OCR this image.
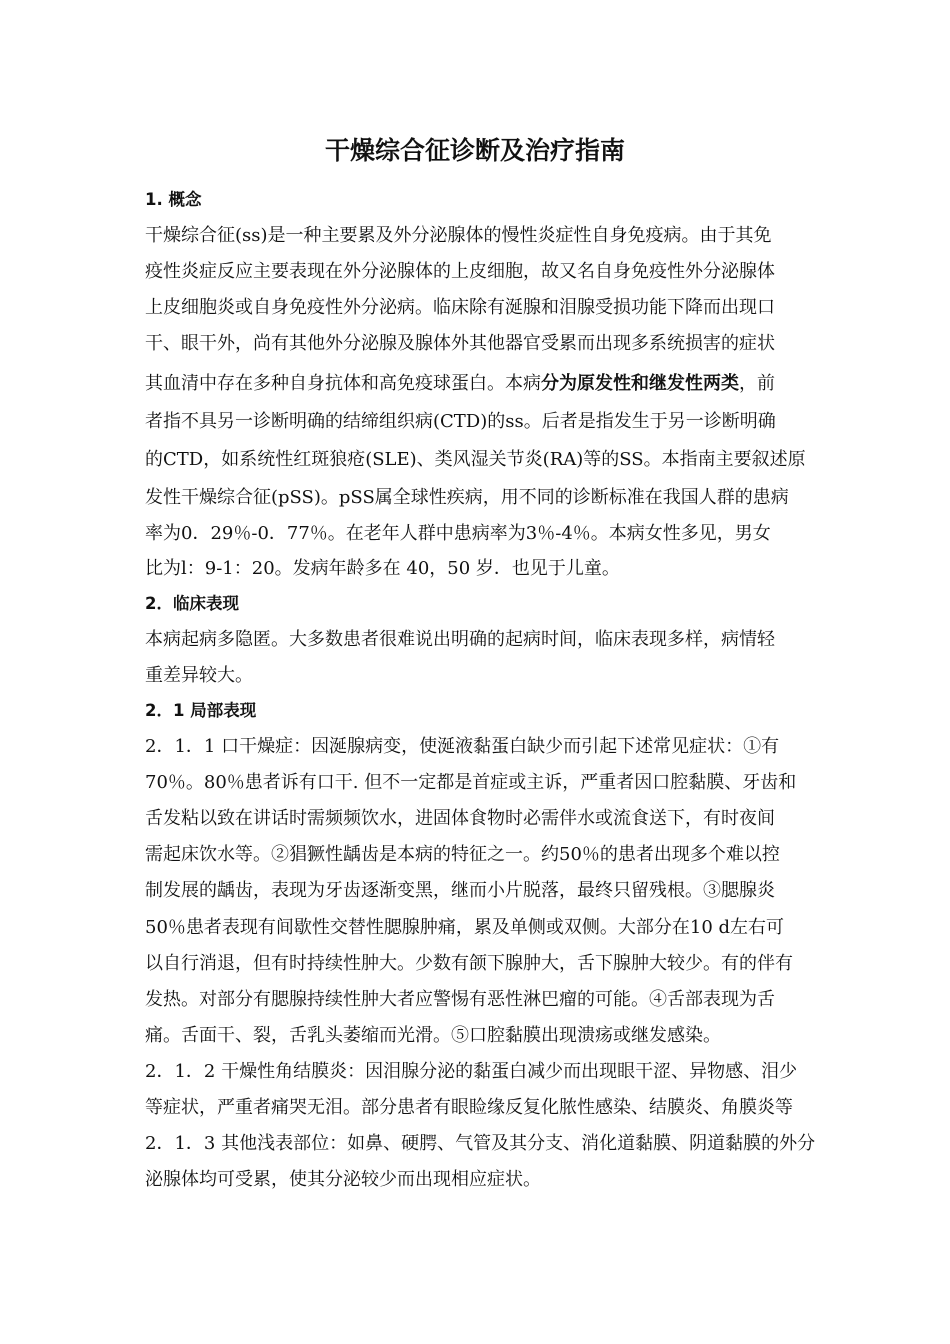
干燥综合征诊断及治疗指南

1. 概念

干燥综合征(ss)是一种主要累及外分泌腺体的慢性炎症性自身免疫病。由于其免

疫性炎症反应主要表现在外分泌腺体的上皮细胞，故又名自身免疫性外分泌腺体

上皮细胞炎或自身免疫性外分泌病。临床除有涎腺和泪腺受损功能下降而出现口

干、眼干外，尚有其他外分泌腺及腺体外其他器官受累而出现多系统损害的症状

其血清中存在多种自身抗体和高免疫球蛋白。本病分为原发性和继发性两类，前

者指不具另一诊断明确的结缔组织病(CTD)的ss。后者是指发生于另一诊断明确

的CTD，如系统性红斑狼疮(SLE)、类风湿关节炎(RA)等的SS。本指南主要叙述原

发性干燥综合征(pSS)。pSS属全球性疾病，用不同的诊断标准在我国人群的患病

率为0．29％-0．77％。在老年人群中患病率为3％-4％。本病女性多见，男女

比为l：9-1：20。发病年龄多在 40，50 岁．也见于儿童。

2．临床表现

本病起病多隐匿。大多数患者很难说出明确的起病时间，临床表现多样，病情轻

重差异较大。

2．1 局部表现

2．1．1 口干燥症：因涎腺病变，使涎液黏蛋白缺少而引起下述常见症状：①有

70％。80％患者诉有口干. 但不一定都是首症或主诉，严重者因口腔黏膜、牙齿和

舌发粘以致在讲话时需频频饮水，进固体食物时必需伴水或流食送下，有时夜间

需起床饮水等。②猖獗性龋齿是本病的特征之一。约50％的患者出现多个难以控

制发展的龋齿，表现为牙齿逐渐变黑，继而小片脱落，最终只留残根。③腮腺炎

50％患者表现有间歇性交替性腮腺肿痛，累及单侧或双侧。大部分在10 d左右可

以自行消退，但有时持续性肿大。少数有颌下腺肿大，舌下腺肿大较少。有的伴有

发热。对部分有腮腺持续性肿大者应警惕有恶性淋巴瘤的可能。④舌部表现为舌

痛。舌面干、裂，舌乳头萎缩而光滑。⑤口腔黏膜出现溃疡或继发感染。

2．1．2 干燥性角结膜炎：因泪腺分泌的黏蛋白减少而出现眼干涩、异物感、泪少

等症状，严重者痛哭无泪。部分患者有眼睑缘反复化脓性感染、结膜炎、角膜炎等

2．1．3 其他浅表部位：如鼻、硬腭、气管及其分支、消化道黏膜、阴道黏膜的外分

泌腺体均可受累，使其分泌较少而出现相应症状。
